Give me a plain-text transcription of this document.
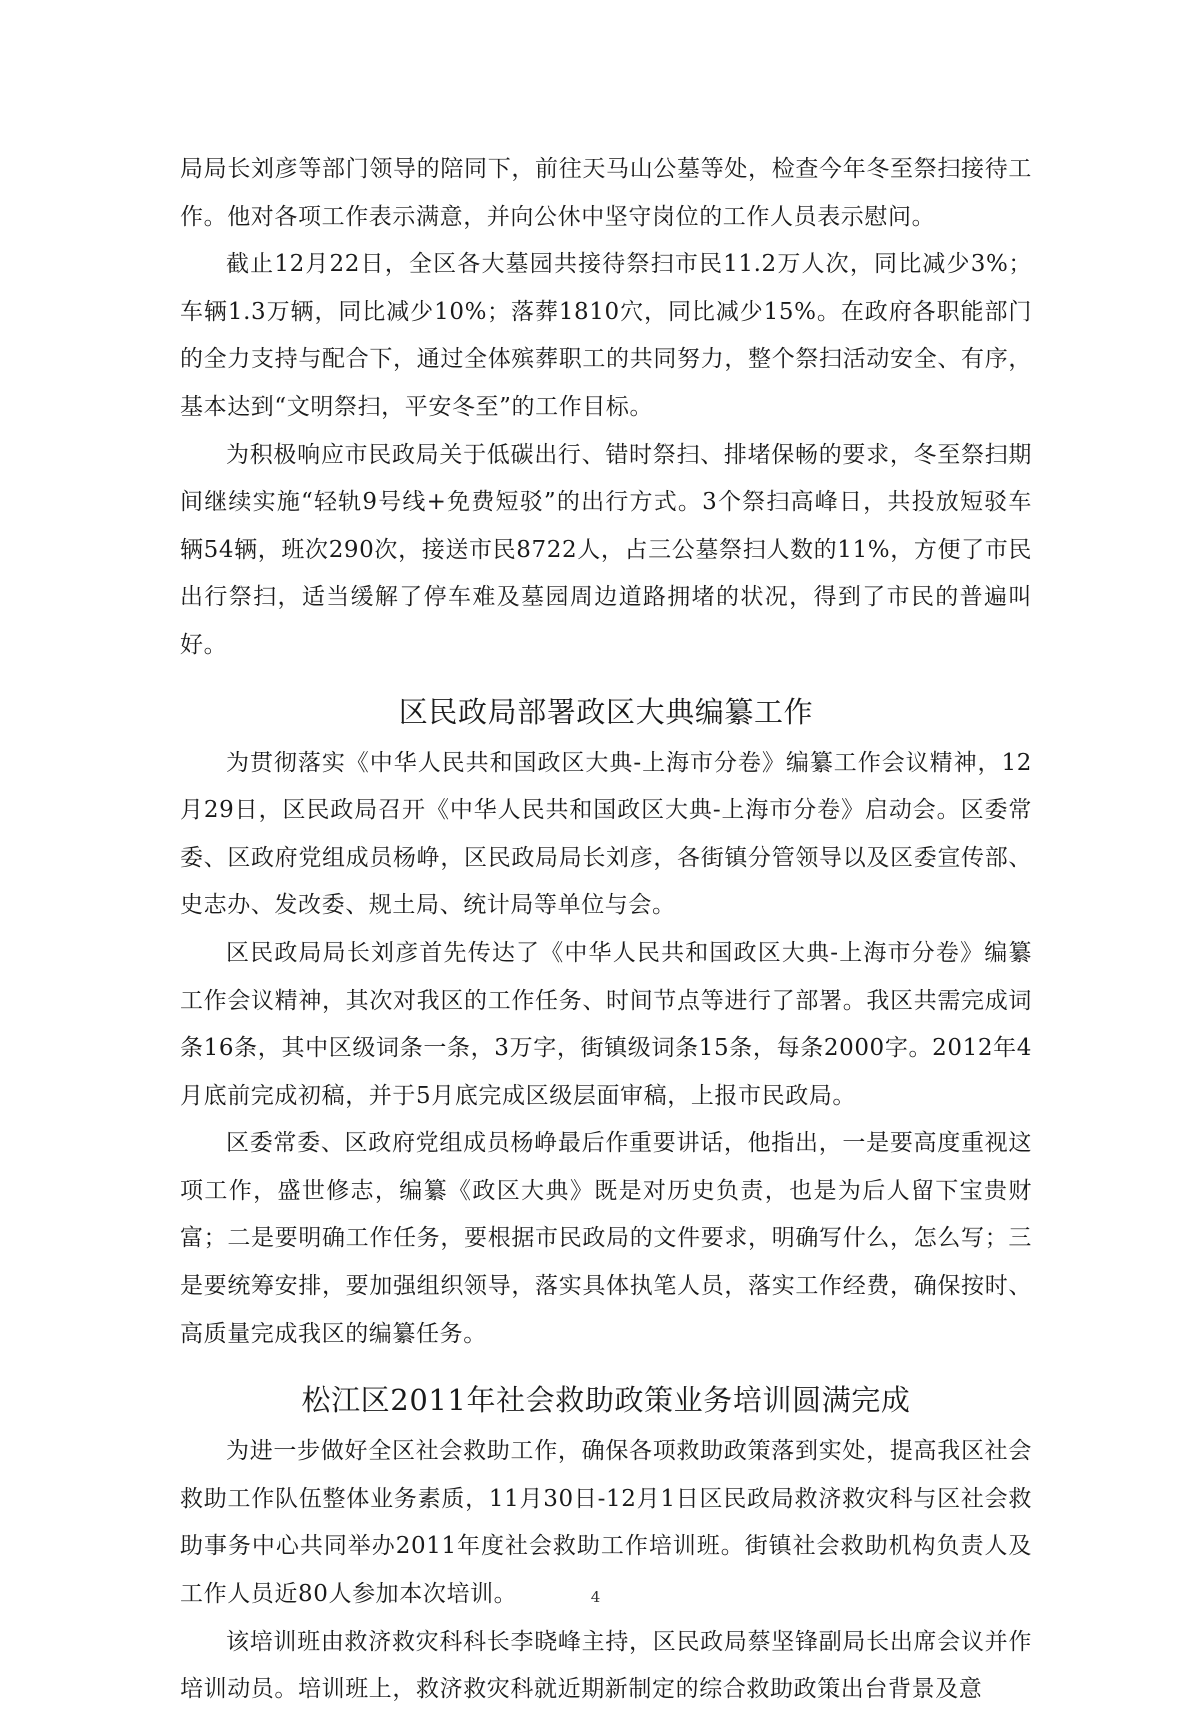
局局长刘彦等部门领导的陪同下，前往天马山公墓等处，检查今年冬至祭扫接待工作。他对各项工作表示满意，并向公休中坚守岗位的工作人员表示慰问。

截止12月22日，全区各大墓园共接待祭扫市民11.2万人次，同比减少3%；车辆1.3万辆，同比减少10%；落葬1810穴，同比减少15%。在政府各职能部门的全力支持与配合下，通过全体殡葬职工的共同努力，整个祭扫活动安全、有序，基本达到“文明祭扫，平安冬至”的工作目标。

为积极响应市民政局关于低碳出行、错时祭扫、排堵保畅的要求，冬至祭扫期间继续实施“轻轨9号线+免费短驳”的出行方式。3个祭扫高峰日，共投放短驳车辆54辆，班次290次，接送市民8722人，占三公墓祭扫人数的11%，方便了市民出行祭扫，适当缓解了停车难及墓园周边道路拥堵的状况，得到了市民的普遍叫好。

区民政局部署政区大典编纂工作

为贯彻落实《中华人民共和国政区大典-上海市分卷》编纂工作会议精神，12月29日，区民政局召开《中华人民共和国政区大典-上海市分卷》启动会。区委常委、区政府党组成员杨峥，区民政局局长刘彦，各街镇分管领导以及区委宣传部、史志办、发改委、规土局、统计局等单位与会。

区民政局局长刘彦首先传达了《中华人民共和国政区大典-上海市分卷》编纂工作会议精神，其次对我区的工作任务、时间节点等进行了部署。我区共需完成词条16条，其中区级词条一条，3万字，街镇级词条15条，每条2000字。2012年4月底前完成初稿，并于5月底完成区级层面审稿，上报市民政局。

区委常委、区政府党组成员杨峥最后作重要讲话，他指出，一是要高度重视这项工作，盛世修志，编纂《政区大典》既是对历史负责，也是为后人留下宝贵财富；二是要明确工作任务，要根据市民政局的文件要求，明确写什么，怎么写；三是要统筹安排，要加强组织领导，落实具体执笔人员，落实工作经费，确保按时、高质量完成我区的编纂任务。

松江区2011年社会救助政策业务培训圆满完成

为进一步做好全区社会救助工作，确保各项救助政策落到实处，提高我区社会救助工作队伍整体业务素质，11月30日-12月1日区民政局救济救灾科与区社会救助事务中心共同举办2011年度社会救助工作培训班。街镇社会救助机构负责人及工作人员近80人参加本次培训。

该培训班由救济救灾科科长李晓峰主持，区民政局蔡坚锋副局长出席会议并作培训动员。培训班上，救济救灾科就近期新制定的综合救助政策出台背景及意

4
